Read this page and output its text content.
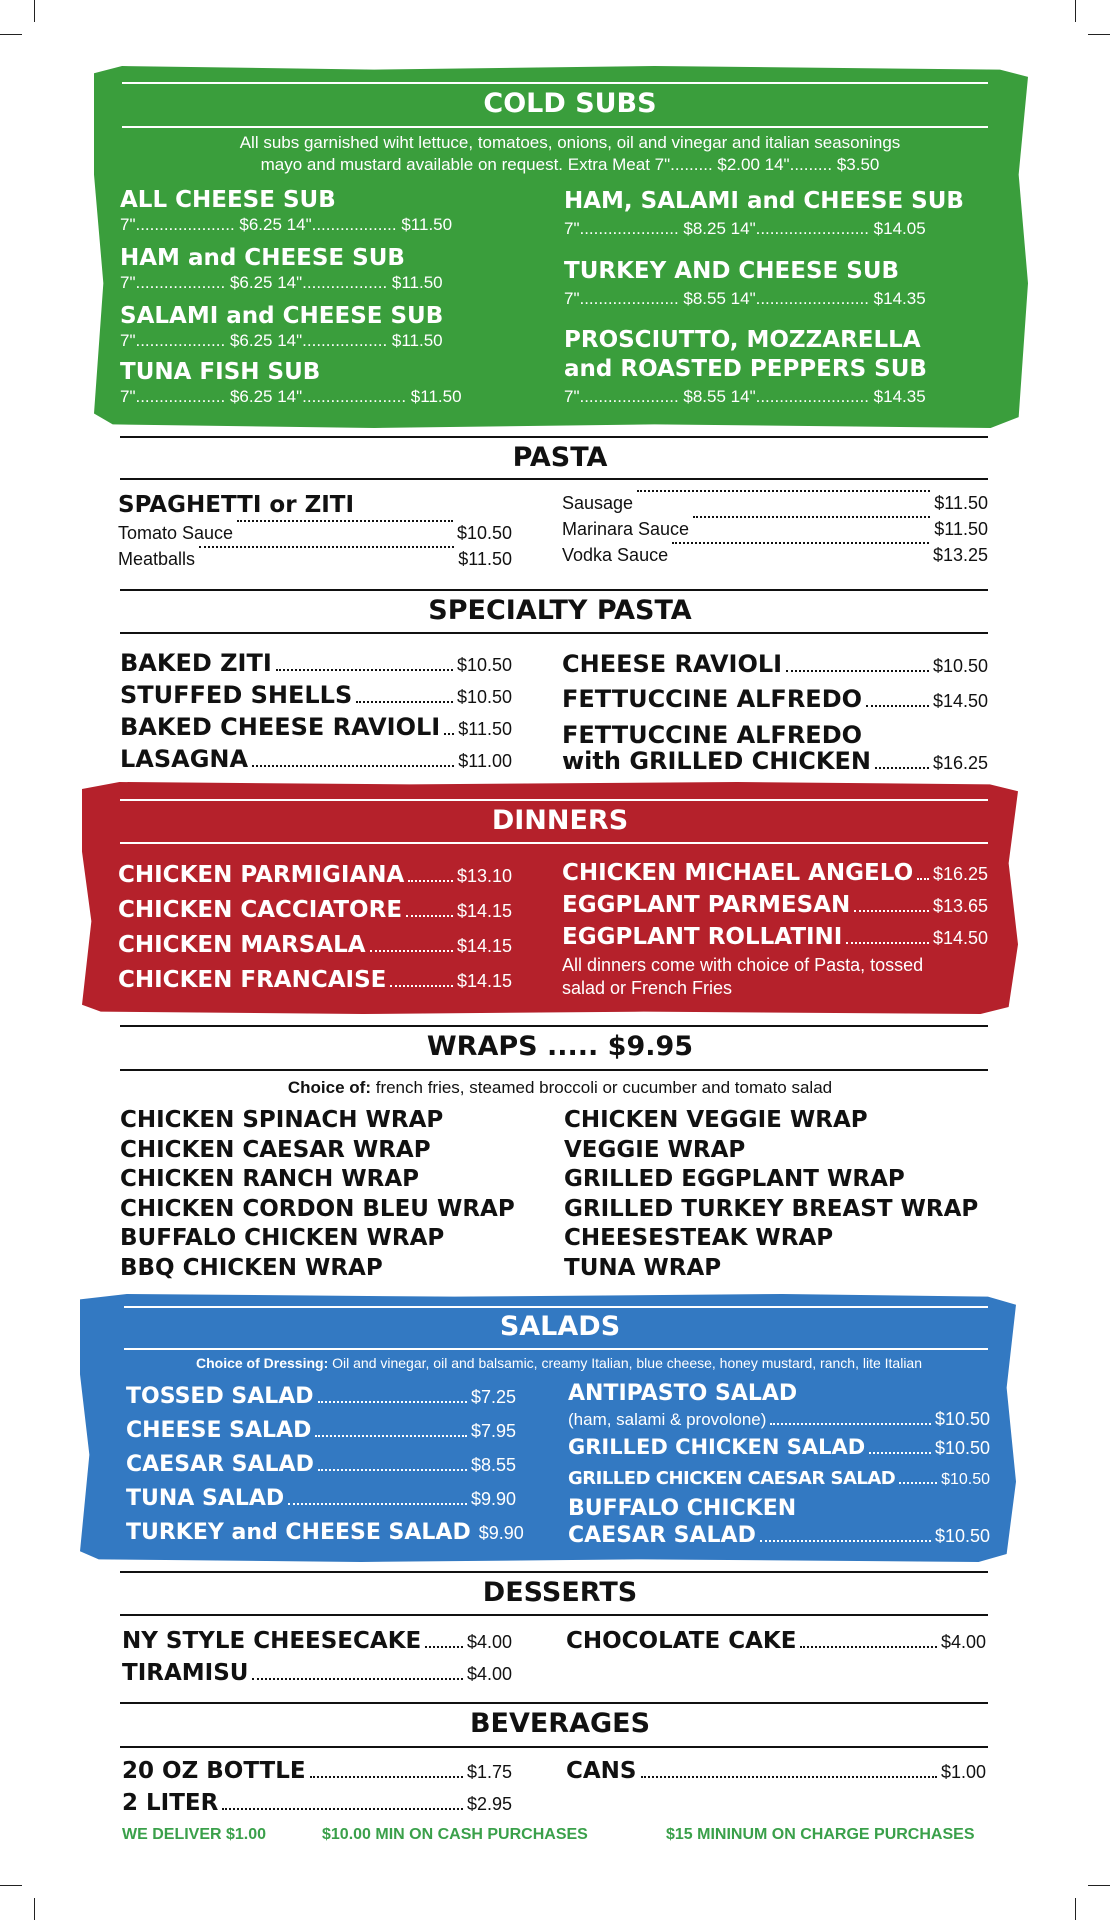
COLD SUBS
All subs garnished wiht lettuce, tomatoes, onions, oil and vinegar and italian seasonings
mayo and mustard available on request. Extra Meat 7"......... $2.00 14"......... $3.50
ALL CHEESE SUB
7"..................... $6.25 14".................. $11.50
HAM and CHEESE SUB
7"................... $6.25 14".................. $11.50
SALAMI and CHEESE SUB
7"................... $6.25 14".................. $11.50
TUNA FISH SUB
7"................... $6.25 14"...................... $11.50
HAM, SALAMI and CHEESE SUB
7"..................... $8.25 14"........................ $14.05
TURKEY AND CHEESE SUB
7"..................... $8.55 14"........................ $14.35
PROSCIUTTO, MOZZARELLA
and ROASTED PEPPERS SUB
7"..................... $8.55 14"........................ $14.35
PASTA
SPAGHETTI or ZITI
Tomato Sauce	$10.50
Meatballs	$11.50
Sausage	$11.50
Marinara Sauce	$11.50
Vodka Sauce	$13.25
SPECIALTY PASTA
BAKED ZITI	$10.50
STUFFED SHELLS	$10.50
BAKED CHEESE RAVIOLI $11.50
LASAGNA	$11.00
CHEESE RAVIOLI	$10.50
FETTUCCINE ALFREDO	$14.50
FETTUCCINE ALFREDO
with GRILLED CHICKEN	$16.25
DINNERS
CHICKEN PARMIGIANA	$13.10
CHICKEN CACCIATORE	$14.15
CHICKEN MARSALA	$14.15
CHICKEN FRANCAISE	$14.15
CHICKEN MICHAEL ANGELO $16.25
EGGPLANT PARMESAN	$13.65
EGGPLANT ROLLATINI	$14.50
All dinners come with choice of Pasta, tossed
salad or French Fries
WRAPS ..... $9.95
Choice of: french fries, steamed broccoli or cucumber and tomato salad
CHICKEN SPINACH WRAP
CHICKEN CAESAR WRAP
CHICKEN RANCH WRAP
CHICKEN CORDON BLEU WRAP
BUFFALO CHICKEN WRAP
BBQ CHICKEN WRAP
CHICKEN VEGGIE WRAP
VEGGIE WRAP
GRILLED EGGPLANT WRAP
GRILLED TURKEY BREAST WRAP
CHEESESTEAK WRAP
TUNA WRAP
SALADS
Choice of Dressing: Oil and vinegar, oil and balsamic, creamy Italian, blue cheese, honey mustard, ranch, lite Italian
TOSSED SALAD	$7.25
CHEESE SALAD	$7.95
CAESAR SALAD	$8.55
TUNA SALAD	$9.90
TURKEY and CHEESE SALAD $9.90
ANTIPASTO SALAD
(ham, salami & provolone)	$10.50
GRILLED CHICKEN SALAD	$10.50
GRILLED CHICKEN CAESAR SALAD	$10.50
BUFFALO CHICKEN
CAESAR SALAD	$10.50
DESSERTS
NY STYLE CHEESECAKE	$4.00
TIRAMISU	$4.00
CHOCOLATE CAKE	$4.00
BEVERAGES
20 OZ BOTTLE	$1.75
2 LITER	$2.95
CANS	$1.00
WE DELIVER $1.00	$10.00 MIN ON CASH PURCHASES	$15 MININUM ON CHARGE PURCHASES
